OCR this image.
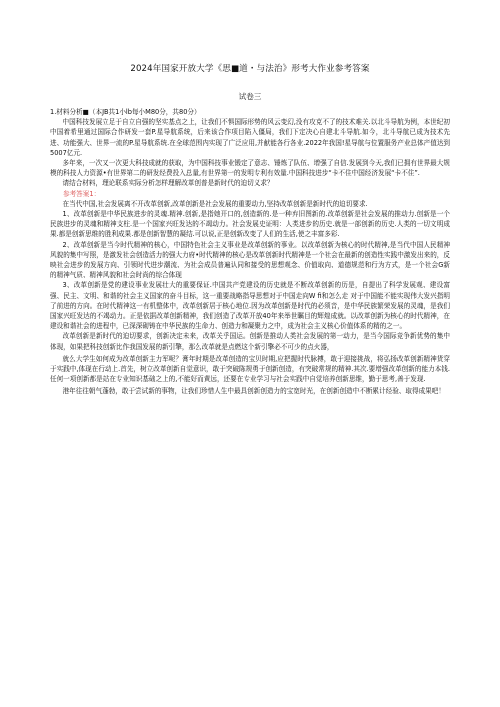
2024年国家开放大学《思■道・与法治》形考大作业参考答案
试卷三

1.材料分析■（本JB共1小lb每小M80分，共80分）

中国科技发展立足于自立自强的坚实基点之上，让我们不惧国际形势的风云变幻,没有攻克不了的技术难关.以北斗导航为例，本世纪初中国着希里通过国际合作研发一套P.星导航系统，后来该合作项目陷入僵局，我们下定决心自建北斗导航.如今，北斗导航已成为技术先进、功能强大、世界一流的P.星导航系统.在全球范围内实现了广泛应用,并献能各行各业.2022年我国!星导航与位置服务产业总体产值达到5007亿元.

多年来，一次又一次更大科技成就的获取，为中国科技事业锻定了意志、锤炼了队伍、增强了自信.发展到今天,我们已拥有世界最大规模的科技人力资源•有世界第二的研发经费投入总量,有世界第一的发明专利有效量.中国科技进步“卡不住中国经济发展“卡不住”.

请结合材料，理论联系实际分析怎样理解改革创普是新时代的迫切义求？

参考答案1：

在当代中国,社会发展离不开改革创新,改革创新是社会发展的重要动力,坚持改革创新是新时代的迫切要求.

1、改革创新是中华民族进步的灵魂.精神.创新,是指她开口的,创造新的.是一种弃旧图新的.改革创新是社会发展的推动力.创新是一个民族进步的灵魂和精神支柱.是一个国家兴旺发达的不竭动力。社会发展史证明：人类进步的历史.就是一部创新的历史.人类的一切文明成果.都是创新思维的胜利成果.都是创新智慧的凝结.可以说,正是创新改变了人们的生活,使之丰富多彩.

2、改革创新是当今时代精神的核心，中国特色社会主义事业是改革创新的事业。以改革创新为核心的时代精神,是当代中国人民精神风貌的集中写照，是激发社会创造活力的强大力府•时代精神的核心是改革创新时代精神是一个社会在最新的创造性实践中激发出来的，反映社会进步的发展方向、引领时代进步潮流、为社会成员普遍认同和接受的思想观念、价值取向、道德规范和行为方式，是一个社会G新的精神气质、精神风貌和社会时尚的综合体现

3、改革创新是党的建设事业发展壮大的重要保证.中国共产党建设的历史就是不断改革创新的历是，自提出了科学发展观、建设富强、民主、文明、和谐的社会主义国家的奋斗目标，这一重要战略指导思想对于中国走向W fi和怎么走 对于中国能不能实现伟大发兴指明了前进的方向。在时代精神这一有机整体中，改革创新居于核心地位.因为改革创新是时代的必须音，是中华民族繁荣发展的灵魂，是我们国家兴旺发达的不竭动力。正是依据改革创新精神，我们创造了改革开放40年来举世瞩目的辉煌成就。以改革创新为核心的时代精神，在建设和谐社会的进程中，已深深砌铸在中华民族的生命力、创造力和凝聚力之中，成为社会主义核心价值体系的精的之一。

改革创新是新时代的迫切要求，创新决定未来，改革关乎国运。创新是推动人类社会发展的第一动力，是当今国际竞争新优势的集中体现，如果把科技创新比作我国发展的新引擎，那么改革就是点燃这个新引擎必不可少的点火器，

就么大学生如何成为改革创新主力军呢？膏年时期是改革创造的宝贝时期,应把握时代脉搏，敢于迎接挑战，将弘扬改革创新精神货穿于实践中,体现在行动上.首先，树立改革创新自觉意识，敢于突破陈规勇于创新创造，有突破常规的精神.其次.要增强改革创新的能力本钱.任何一项创新都是站在专业知识基础之上的,不能好而黄远，还要在专业学习与社会实践中自觉培养创新思维，勤于思考,善于发现.

港年往往朝气蓬勃，敢于尝试新的事物，让我们珍惜人生中最具创新创造力的宝宽时光，在创新创造中不断累计经验、取得成果吧！
